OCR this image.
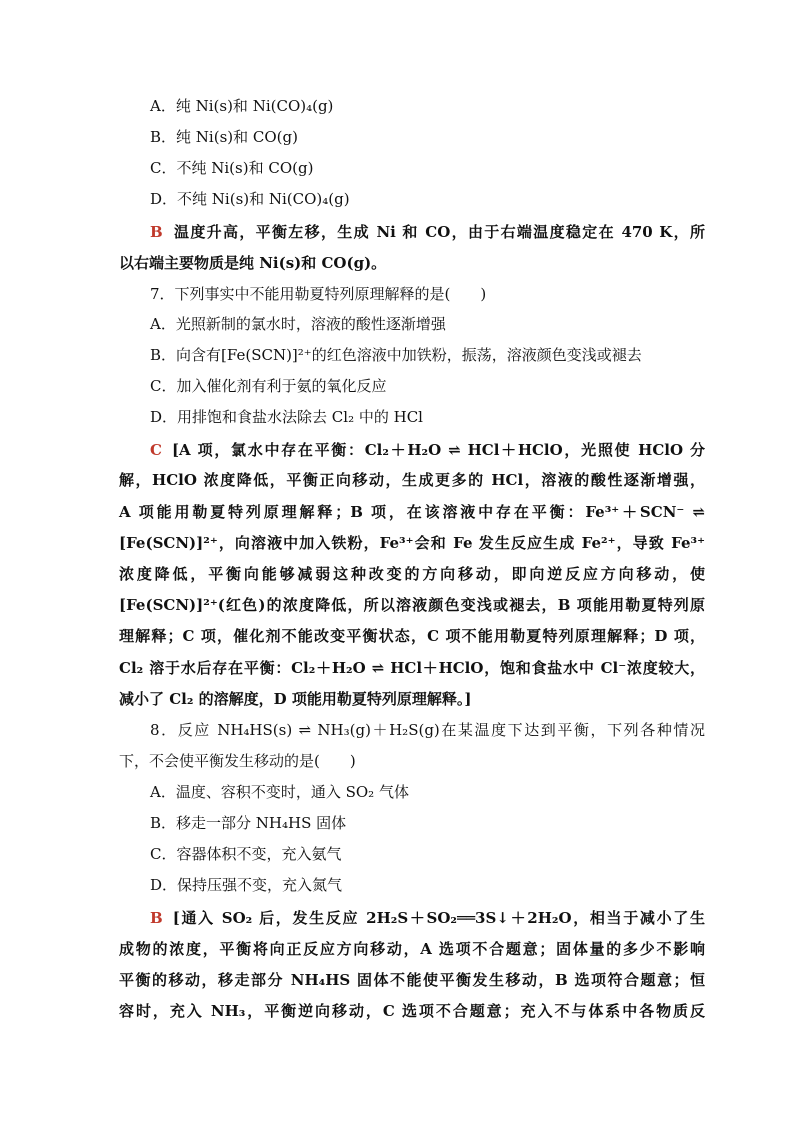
A．纯 Ni(s)和 Ni(CO)₄(g)
B．纯 Ni(s)和 CO(g)
C．不纯 Ni(s)和 CO(g)
D．不纯 Ni(s)和 Ni(CO)₄(g)
B 温度升高，平衡左移，生成 Ni 和 CO，由于右端温度稳定在 470 K，所
以右端主要物质是纯 Ni(s)和 CO(g)。
7．下列事实中不能用勒夏特列原理解释的是(　　)
A．光照新制的氯水时，溶液的酸性逐渐增强
B．向含有[Fe(SCN)]²⁺的红色溶液中加铁粉，振荡，溶液颜色变浅或褪去
C．加入催化剂有利于氨的氧化反应
D．用排饱和食盐水法除去 Cl₂ 中的 HCl
C [A 项，氯水中存在平衡：Cl₂＋H₂O ⇌ HCl＋HClO，光照使 HClO 分
解，HClO 浓度降低，平衡正向移动，生成更多的 HCl，溶液的酸性逐渐增强，
A 项能用勒夏特列原理解释；B 项，在该溶液中存在平衡：Fe³⁺＋SCN⁻ ⇌
[Fe(SCN)]²⁺，向溶液中加入铁粉，Fe³⁺会和 Fe 发生反应生成 Fe²⁺，导致 Fe³⁺
浓度降低，平衡向能够减弱这种改变的方向移动，即向逆反应方向移动，使
[Fe(SCN)]²⁺(红色)的浓度降低，所以溶液颜色变浅或褪去，B 项能用勒夏特列原
理解释；C 项，催化剂不能改变平衡状态，C 项不能用勒夏特列原理解释；D 项，
Cl₂ 溶于水后存在平衡：Cl₂＋H₂O ⇌ HCl＋HClO，饱和食盐水中 Cl⁻浓度较大，
减小了 Cl₂ 的溶解度，D 项能用勒夏特列原理解释。]
8．反应 NH₄HS(s) ⇌ NH₃(g)＋H₂S(g)在某温度下达到平衡，下列各种情况
下，不会使平衡发生移动的是(　　)
A．温度、容积不变时，通入 SO₂ 气体
B．移走一部分 NH₄HS 固体
C．容器体积不变，充入氨气
D．保持压强不变，充入氮气
B [通入 SO₂ 后，发生反应 2H₂S＋SO₂══3S↓＋2H₂O，相当于减小了生
成物的浓度，平衡将向正反应方向移动，A 选项不合题意；固体量的多少不影响
平衡的移动，移走部分 NH₄HS 固体不能使平衡发生移动，B 选项符合题意；恒
容时，充入 NH₃，平衡逆向移动，C 选项不合题意；充入不与体系中各物质反
